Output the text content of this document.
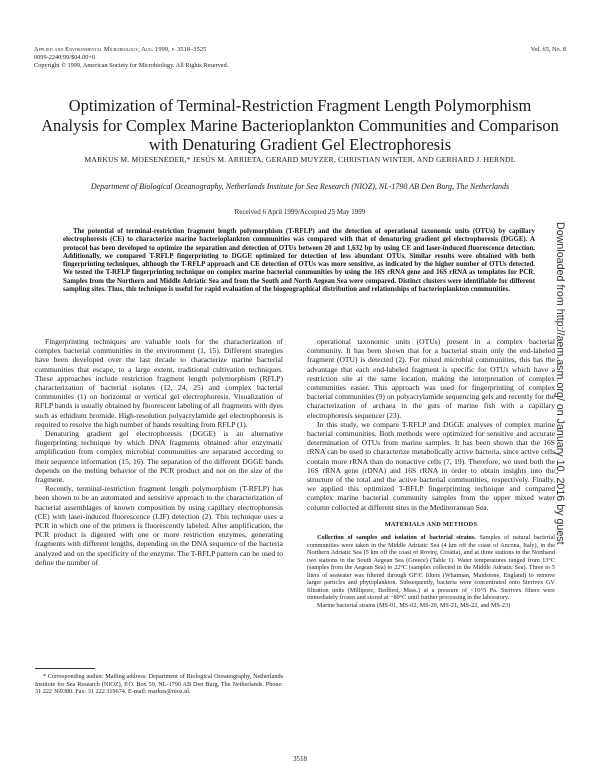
Applied and Environmental Microbiology, Aug. 1999, p. 3518–3525	Vol. 65, No. 8
0099-2240/99/$04.00+0
Copyright © 1999, American Society for Microbiology. All Rights Reserved.
Optimization of Terminal-Restriction Fragment Length Polymorphism Analysis for Complex Marine Bacterioplankton Communities and Comparison with Denaturing Gradient Gel Electrophoresis
MARKUS M. MOESENEDER,* JESÚS M. ARRIETA, GERARD MUYZER, CHRISTIAN WINTER, AND GERHARD J. HERNDL
Department of Biological Oceanography, Netherlands Institute for Sea Research (NIOZ), NL-1790 AB Den Burg, The Netherlands
Received 6 April 1999/Accepted 25 May 1999
The potential of terminal-restriction fragment length polymorphism (T-RFLP) and the detection of operational taxonomic units (OTUs) by capillary electrophoresis (CE) to characterize marine bacterioplankton communities was compared with that of denaturing gradient gel electrophoresis (DGGE). A protocol has been developed to optimize the separation and detection of OTUs between 20 and 1,632 bp by using CE and laser-induced fluorescence detection. Additionally, we compared T-RFLP fingerprinting to DGGE optimized for detection of less abundant OTUs. Similar results were obtained with both fingerprinting techniques, although the T-RFLP approach and CE detection of OTUs was more sensitive, as indicated by the higher number of OTUs detected. We tested the T-RFLP fingerprinting technique on complex marine bacterial communities by using the 16S rRNA gene and 16S rRNA as templates for PCR. Samples from the Northern and Middle Adriatic Sea and from the South and North Aegean Sea were compared. Distinct clusters were identifiable for different sampling sites. Thus, this technique is useful for rapid evaluation of the biogeographical distribution and relationships of bacterioplankton communities.

Fingerprinting techniques are valuable tools for the characterization of complex bacterial communities in the environment (1, 15). Different strategies have been developed over the last decade to characterize marine bacterial communities that escape, to a large extent, traditional cultivation techniques. These approaches include restriction fragment length polymorphism (RFLP) characterization of bacterial isolates (12, 24, 25) and complex bacterial communities (1) on horizontal or vertical gel electrophoresis. Visualization of RFLP bands is usually obtained by fluorescent labeling of all fragments with dyes such as ethidium bromide. High-resolution polyacrylamide gel electrophoresis is required to resolve the high number of bands resulting from RFLP (1).

Denaturing gradient gel electrophoresis (DGGE) is an alternative fingerprinting technique by which DNA fragments obtained after enzymatic amplification from complex microbial communities are separated according to their sequence information (15, 16). The separation of the different DGGE bands depends on the melting behavior of the PCR product and not on the size of the fragment.

Recently, terminal-restriction fragment length polymorphism (T-RFLP) has been shown to be an automated and sensitive approach to the characterization of bacterial assemblages of known composition by using capillary electrophoresis (CE) with laser-induced fluorescence (LIF) detection (2). This technique uses a PCR in which one of the primers is fluorescently labeled. After amplification, the PCR product is digested with one or more restriction enzymes, generating fragments with different lengths, depending on the DNA sequence of the bacteria analyzed and on the specificity of the enzyme. The T-RFLP pattern can be used to define the number of

operational taxonomic units (OTUs) present in a complex bacterial community. It has been shown that for a bacterial strain only the end-labeled fragment (OTU) is detected (2). For mixed microbial communities, this has the advantage that each end-labeled fragment is specific for OTUs which have a restriction site at the same location, making the interpretation of complex communities easier. This approach was used for fingerprinting of complex bacterial communities (9) on polyacrylamide sequencing gels and recently for the characterization of archaea in the guts of marine fish with a capillary electrophoresis sequencer (23).

In this study, we compare T-RFLP and DGGE analyses of complex marine bacterial communities. Both methods were optimized for sensitive and accurate determination of OTUs from marine samples. It has been shown that the 16S rRNA can be used to characterize metabolically active bacteria, since active cells contain more rRNA than do nonactive cells (7, 19). Therefore, we used both the 16S rRNA gene (rDNA) and 16S rRNA in order to obtain insights into the structure of the total and the active bacterial communities, respectively. Finally, we applied this optimized T-RFLP fingerprinting technique and compared complex marine bacterial community samples from the upper mixed water column collected at different sites in the Mediterranean Sea.

MATERIALS AND METHODS

Collection of samples and isolation of bacterial strains. Samples of natural bacterial communities were taken in the Middle Adriatic Sea (4 km off the coast of Ancona, Italy), in the Northern Adriatic Sea (5 km off the coast of Rovinj, Croatia), and at three stations in the Northand two stations in the South Aegean Sea (Greece) (Table 1). Water temperatures ranged from 13°C (samples from the Aegean Sea) to 22°C (samples collected in the Middle Adriatic Sea). Three to 5 liters of seawater was filtered through GF/C filters (Whatman, Maidstone, England) to remove larger particles and phytoplankton. Subsequently, bacteria were concentrated onto Sterivex GV filtration units (Millipore, Bedford, Mass.) at a pressure of <10^5 Pa. Sterivex filters were immediately frozen and stored at −80°C until further processing in the laboratory.

Marine bacterial strains (MS-01, MS-02, MS-20, MS-21, MS-22, and MS-23)

* Corresponding author. Mailing address: Department of Biological Oceanography, Netherlands Institute for Sea Research (NIOZ), P.O. Box 59, NL-1790 AB Den Burg, The Netherlands. Phone: 31 222 369380. Fax: 31 222 319674. E-mail: markus@nioz.nl.
3518
Downloaded from http://aem.asm.org/ on January 10, 2016 by guest
